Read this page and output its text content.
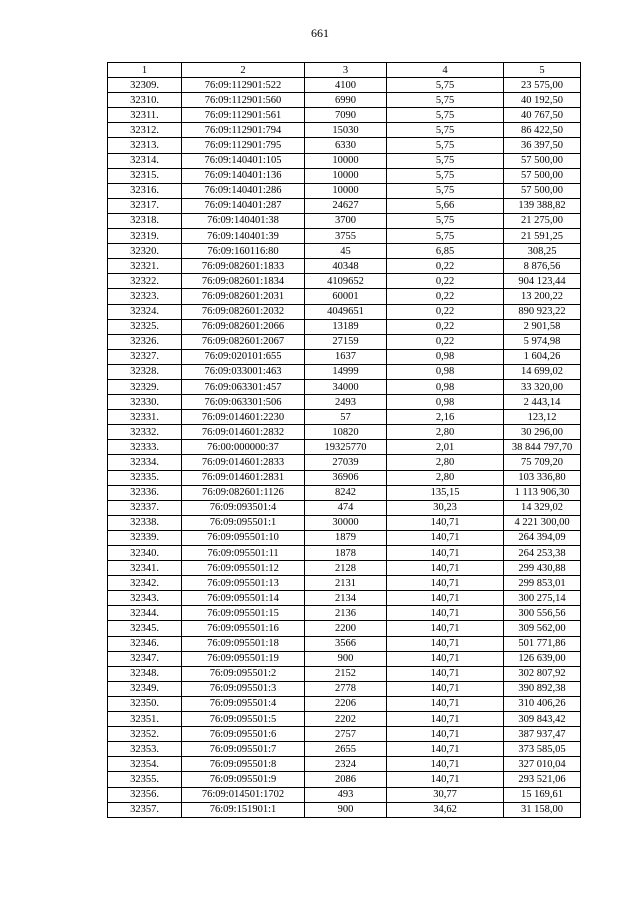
661
1	2	3	4	5
32309.	76:09:112901:522	4100	5,75	23 575,00
32310.	76:09:112901:560	6990	5,75	40 192,50
32311.	76:09:112901:561	7090	5,75	40 767,50
32312.	76:09:112901:794	15030	5,75	86 422,50
32313.	76:09:112901:795	6330	5,75	36 397,50
32314.	76:09:140401:105	10000	5,75	57 500,00
32315.	76:09:140401:136	10000	5,75	57 500,00
32316.	76:09:140401:286	10000	5,75	57 500,00
32317.	76:09:140401:287	24627	5,66	139 388,82
32318.	76:09:140401:38	3700	5,75	21 275,00
32319.	76:09:140401:39	3755	5,75	21 591,25
32320.	76:09:160116:80	45	6,85	308,25
32321.	76:09:082601:1833	40348	0,22	8 876,56
32322.	76:09:082601:1834	4109652	0,22	904 123,44
32323.	76:09:082601:2031	60001	0,22	13 200,22
32324.	76:09:082601:2032	4049651	0,22	890 923,22
32325.	76:09:082601:2066	13189	0,22	2 901,58
32326.	76:09:082601:2067	27159	0,22	5 974,98
32327.	76:09:020101:655	1637	0,98	1 604,26
32328.	76:09:033001:463	14999	0,98	14 699,02
32329.	76:09:063301:457	34000	0,98	33 320,00
32330.	76:09:063301:506	2493	0,98	2 443,14
32331.	76:09:014601:2230	57	2,16	123,12
32332.	76:09:014601:2832	10820	2,80	30 296,00
32333.	76:00:000000:37	19325770	2,01	38 844 797,70
32334.	76:09:014601:2833	27039	2,80	75 709,20
32335.	76:09:014601:2831	36906	2,80	103 336,80
32336.	76:09:082601:1126	8242	135,15	1 113 906,30
32337.	76:09:093501:4	474	30,23	14 329,02
32338.	76:09:095501:1	30000	140,71	4 221 300,00
32339.	76:09:095501:10	1879	140,71	264 394,09
32340.	76:09:095501:11	1878	140,71	264 253,38
32341.	76:09:095501:12	2128	140,71	299 430,88
32342.	76:09:095501:13	2131	140,71	299 853,01
32343.	76:09:095501:14	2134	140,71	300 275,14
32344.	76:09:095501:15	2136	140,71	300 556,56
32345.	76:09:095501:16	2200	140,71	309 562,00
32346.	76:09:095501:18	3566	140,71	501 771,86
32347.	76:09:095501:19	900	140,71	126 639,00
32348.	76:09:095501:2	2152	140,71	302 807,92
32349.	76:09:095501:3	2778	140,71	390 892,38
32350.	76:09:095501:4	2206	140,71	310 406,26
32351.	76:09:095501:5	2202	140,71	309 843,42
32352.	76:09:095501:6	2757	140,71	387 937,47
32353.	76:09:095501:7	2655	140,71	373 585,05
32354.	76:09:095501:8	2324	140,71	327 010,04
32355.	76:09:095501:9	2086	140,71	293 521,06
32356.	76:09:014501:1702	493	30,77	15 169,61
32357.	76:09:151901:1	900	34,62	31 158,00
